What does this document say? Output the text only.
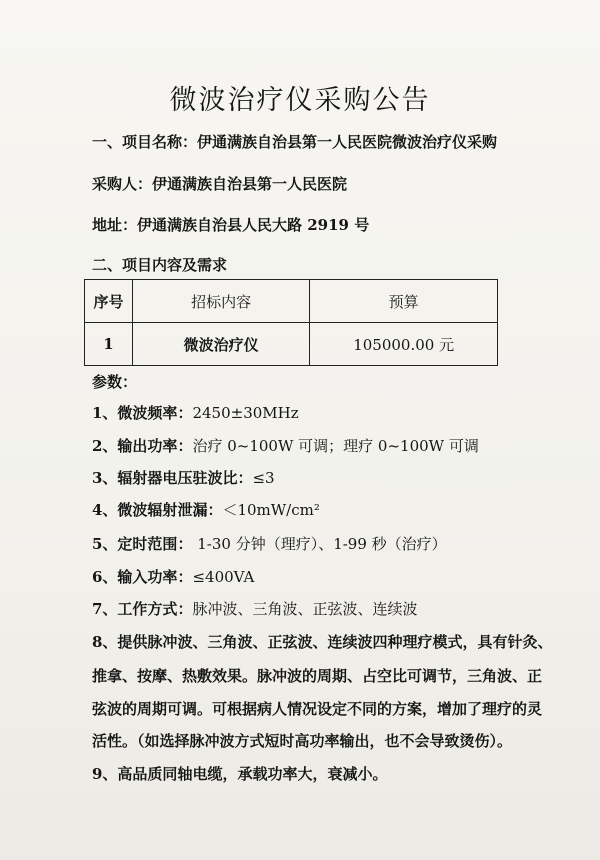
微波治疗仪采购公告
一、项目名称：伊通满族自治县第一人民医院微波治疗仪采购
采购人：伊通满族自治县第一人民医院
地址：伊通满族自治县人民大路 2919 号
二、项目内容及需求
序号	招标内容	预算
1	微波治疗仪	105000.00 元
参数：
1、微波频率：2450±30MHz
2、输出功率：治疗 0~100W 可调；理疗 0~100W 可调
3、辐射器电压驻波比：≤3
4、微波辐射泄漏：＜10mW/cm²
5、定时范围： 1-30 分钟（理疗）、1-99 秒（治疗）
6、输入功率：≤400VA
7、工作方式：脉冲波、三角波、正弦波、连续波
8、提供脉冲波、三角波、正弦波、连续波四种理疗模式，具有针灸、
推拿、按摩、热敷效果。脉冲波的周期、占空比可调节，三角波、正
弦波的周期可调。可根据病人情况设定不同的方案，增加了理疗的灵
活性。（如选择脉冲波方式短时高功率输出，也不会导致烫伤）。
9、高品质同轴电缆，承载功率大，衰减小。
